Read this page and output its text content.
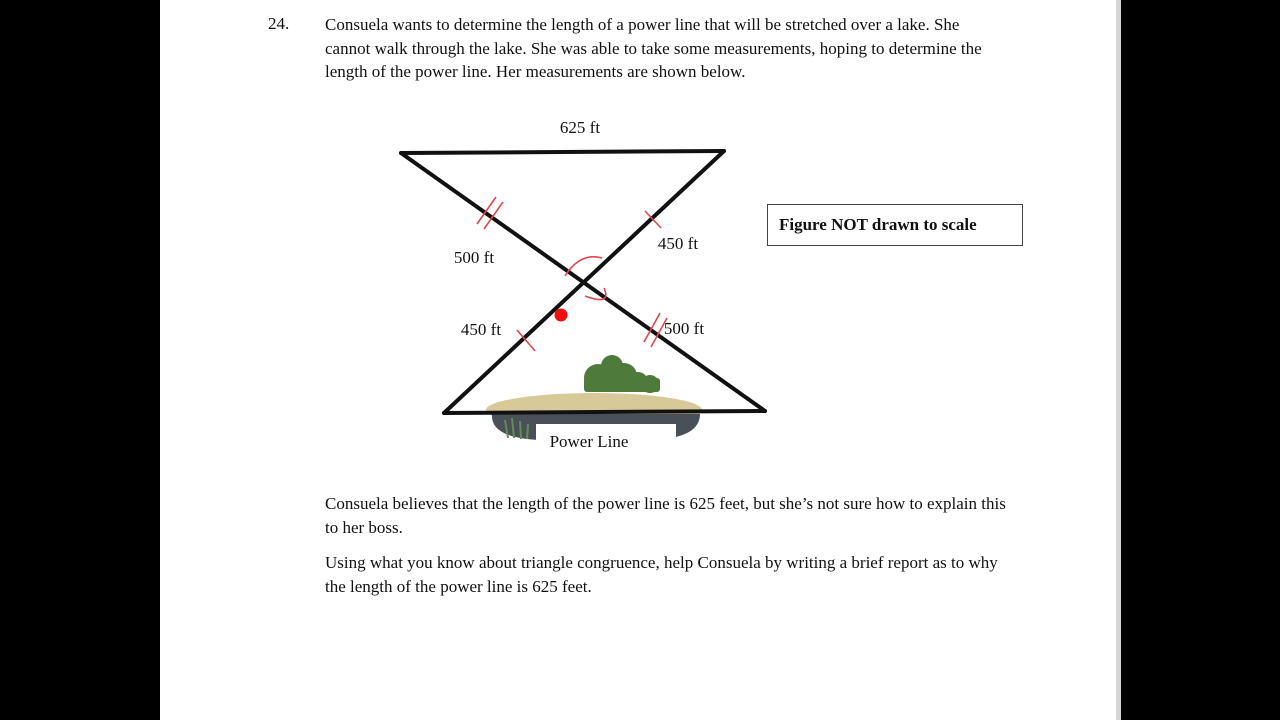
24. Consuela wants to determine the length of a power line that will be stretched over a lake. She cannot walk through the lake. She was able to take some measurements, hoping to determine the length of the power line. Her measurements are shown below.

625 ft
500 ft
450 ft
450 ft	500 ft
Power Line
Figure NOT drawn to scale

Consuela believes that the length of the power line is 625 feet, but she’s not sure how to explain this to her boss.

Using what you know about triangle congruence, help Consuela by writing a brief report as to why the length of the power line is 625 feet.
